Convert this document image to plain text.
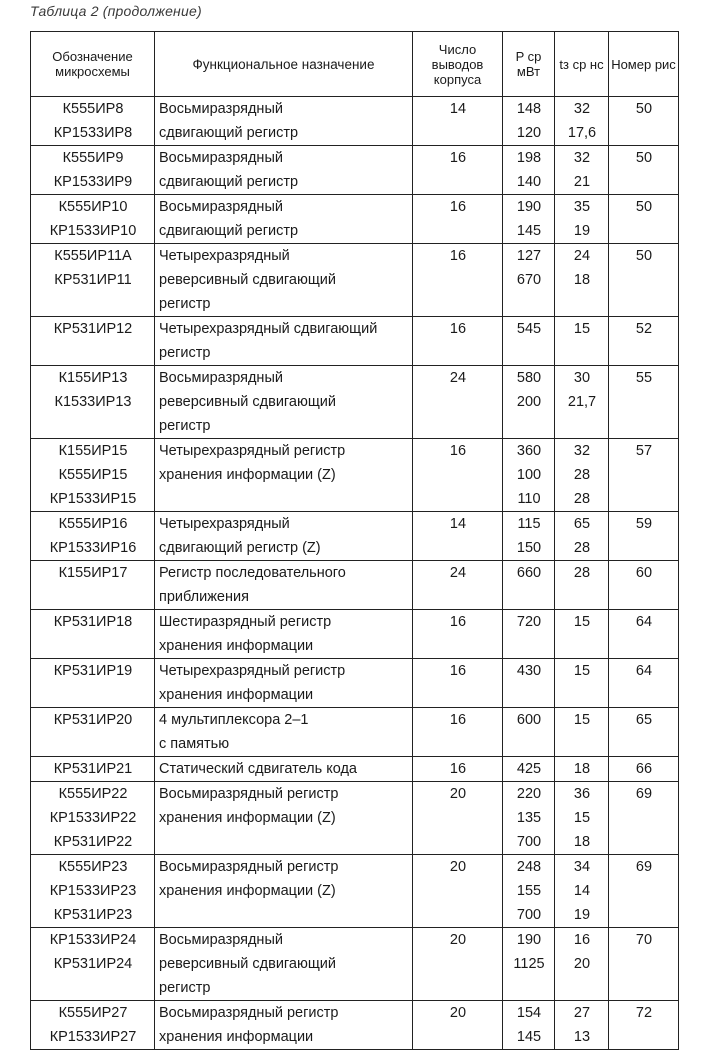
Таблица 2 (продолжение)
Обозначение микросхемы	Функциональное назначение	Число выводов корпуса	P ср мВт	tз ср нс	Номер рис
К555ИР8	Восьмиразрядный	14	148	32	50
КР1533ИР8	сдвигающий регистр		120	17,6	
К555ИР9	Восьмиразрядный	16	198	32	50
КР1533ИР9	сдвигающий регистр		140	21	
К555ИР10	Восьмиразрядный	16	190	35	50
КР1533ИР10	сдвигающий регистр		145	19	
К555ИР11А	Четырехразрядный	16	127	24	50
КР531ИР11	реверсивный сдвигающий		670	18	
	регистр				
КР531ИР12	Четырехразрядный сдвигающий	16	545	15	52
	регистр				
К155ИР13	Восьмиразрядный	24	580	30	55
К1533ИР13	реверсивный сдвигающий		200	21,7	
	регистр				
К155ИР15	Четырехразрядный регистр	16	360	32	57
К555ИР15	хранения информации (Z)		100	28	
КР1533ИР15			110	28	
К555ИР16	Четырехразрядный	14	115	65	59
КР1533ИР16	сдвигающий регистр (Z)		150	28	
К155ИР17	Регистр последовательного	24	660	28	60
	приближения				
КР531ИР18	Шестиразрядный регистр	16	720	15	64
	хранения информации				
КР531ИР19	Четырехразрядный регистр	16	430	15	64
	хранения информации				
КР531ИР20	4 мультиплексора 2–1	16	600	15	65
	с памятью				
КР531ИР21	Статический сдвигатель кода	16	425	18	66
К555ИР22	Восьмиразрядный регистр	20	220	36	69
КР1533ИР22	хранения информации (Z)		135	15	
КР531ИР22			700	18	
К555ИР23	Восьмиразрядный регистр	20	248	34	69
КР1533ИР23	хранения информации (Z)		155	14	
КР531ИР23			700	19	
КР1533ИР24	Восьмиразрядный	20	190	16	70
КР531ИР24	реверсивный сдвигающий		1125	20	
	регистр				
К555ИР27	Восьмиразрядный регистр	20	154	27	72
КР1533ИР27	хранения информации		145	13	
